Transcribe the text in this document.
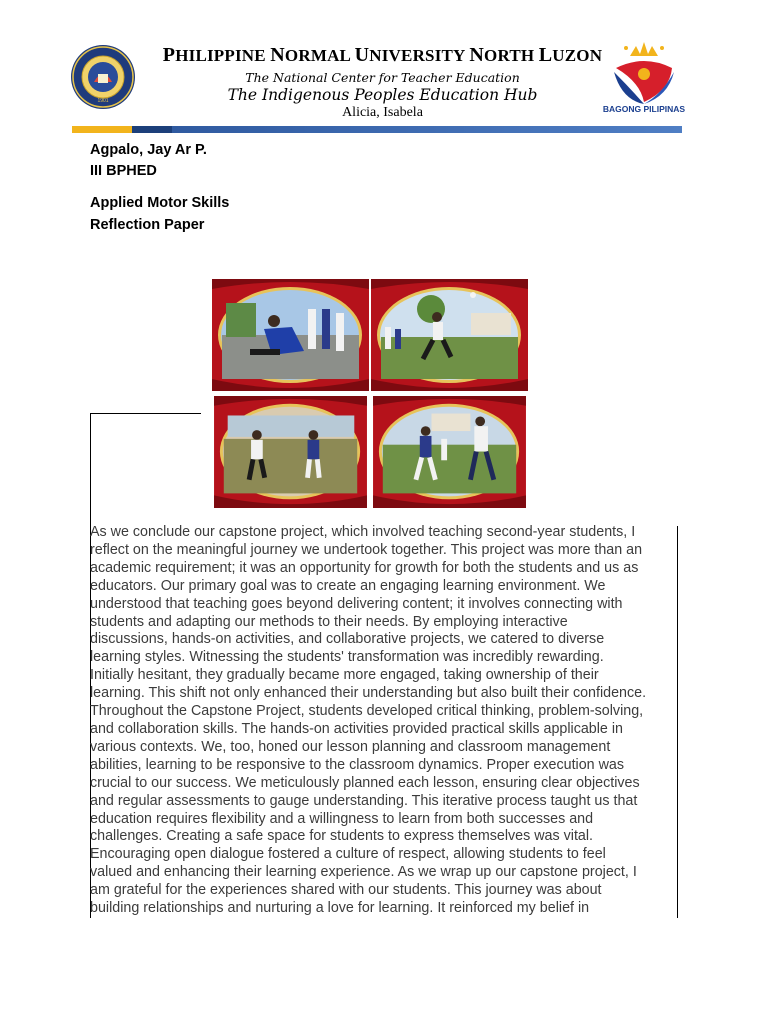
1901

PHILIPPINE NORMAL UNIVERSITY NORTH LUZON

The National Center for Teacher Education
The Indigenous Peoples Education Hub
Alicia, Isabela	BAGONG PILIPINAS
Agpalo, Jay Ar P.
III BPHED
Applied Motor Skills
Reflection Paper
As we conclude our capstone project, which involved teaching second-year students, I
reflect on the meaningful journey we undertook together. This project was more than an
academic requirement; it was an opportunity for growth for both the students and us as
educators. Our primary goal was to create an engaging learning environment. We
understood that teaching goes beyond delivering content; it involves connecting with
students and adapting our methods to their needs. By employing interactive
discussions, hands-on activities, and collaborative projects, we catered to diverse
learning styles. Witnessing the students' transformation was incredibly rewarding.
Initially hesitant, they gradually became more engaged, taking ownership of their
learning. This shift not only enhanced their understanding but also built their confidence.
Throughout the Capstone Project, students developed critical thinking, problem-solving,
and collaboration skills. The hands-on activities provided practical skills applicable in
various contexts. We, too, honed our lesson planning and classroom management
abilities, learning to be responsive to the classroom dynamics. Proper execution was
crucial to our success. We meticulously planned each lesson, ensuring clear objectives
and regular assessments to gauge understanding. This iterative process taught us that
education requires flexibility and a willingness to learn from both successes and
challenges. Creating a safe space for students to express themselves was vital.
Encouraging open dialogue fostered a culture of respect, allowing students to feel
valued and enhancing their learning experience. As we wrap up our capstone project, I
am grateful for the experiences shared with our students. This journey was about
building relationships and nurturing a love for learning. It reinforced my belief in
